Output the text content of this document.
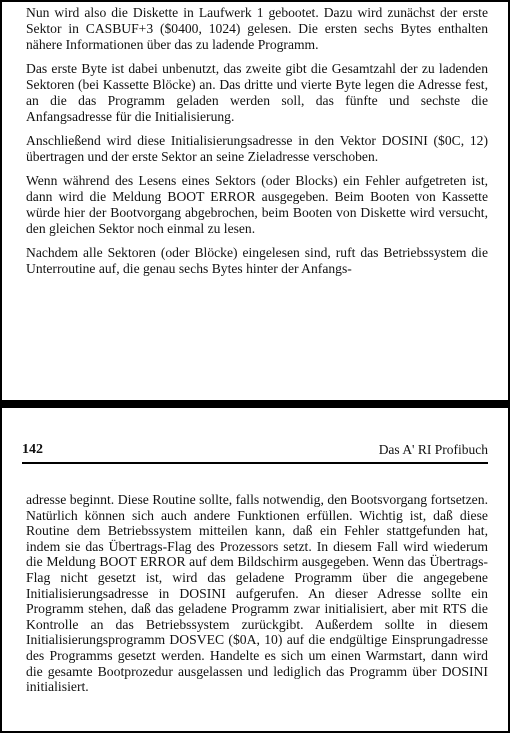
Nun wird also die Diskette in Laufwerk 1 gebootet. Dazu wird zunächst der erste Sektor in CASBUF+3 ($0400, 1024) gelesen. Die ersten sechs Bytes enthalten nähere Informationen über das zu ladende Programm.

Das erste Byte ist dabei unbenutzt, das zweite gibt die Gesamtzahl der zu ladenden Sektoren (bei Kassette Blöcke) an. Das dritte und vierte Byte legen die Adresse fest, an die das Programm geladen werden soll, das fünfte und sechste die Anfangsadresse für die Initialisierung.

Anschließend wird diese Initialisierungsadresse in den Vektor DOSINI ($0C, 12) übertragen und der erste Sektor an seine Zieladresse verschoben.

Wenn während des Lesens eines Sektors (oder Blocks) ein Fehler aufgetreten ist, dann wird die Meldung BOOT ERROR ausgegeben. Beim Booten von Kassette würde hier der Bootvorgang abgebrochen, beim Booten von Diskette wird versucht, den gleichen Sektor noch einmal zu lesen.

Nachdem alle Sektoren (oder Blöcke) eingelesen sind, ruft das Betriebssystem die Unterroutine auf, die genau sechs Bytes hinter der Anfangs-

142	Das A' RI Profibuch

adresse beginnt. Diese Routine sollte, falls notwendig, den Bootsvorgang fortsetzen. Natürlich können sich auch andere Funktionen erfüllen. Wichtig ist, daß diese Routine dem Betriebssystem mitteilen kann, daß ein Fehler stattgefunden hat, indem sie das Übertrags-Flag des Prozessors setzt. In diesem Fall wird wiederum die Meldung BOOT ERROR auf dem Bildschirm ausgegeben. Wenn das Übertrags-Flag nicht gesetzt ist, wird das geladene Programm über die angegebene Initialisierungsadresse in DOSINI aufgerufen. An dieser Adresse sollte ein Programm stehen, daß das geladene Programm zwar initialisiert, aber mit RTS die Kontrolle an das Betriebssystem zurückgibt. Außerdem sollte in diesem Initialisierungsprogramm DOSVEC ($0A, 10) auf die endgültige Einsprungadresse des Programms gesetzt werden. Handelte es sich um einen Warmstart, dann wird die gesamte Bootprozedur ausgelassen und lediglich das Programm über DOSINI initialisiert.
